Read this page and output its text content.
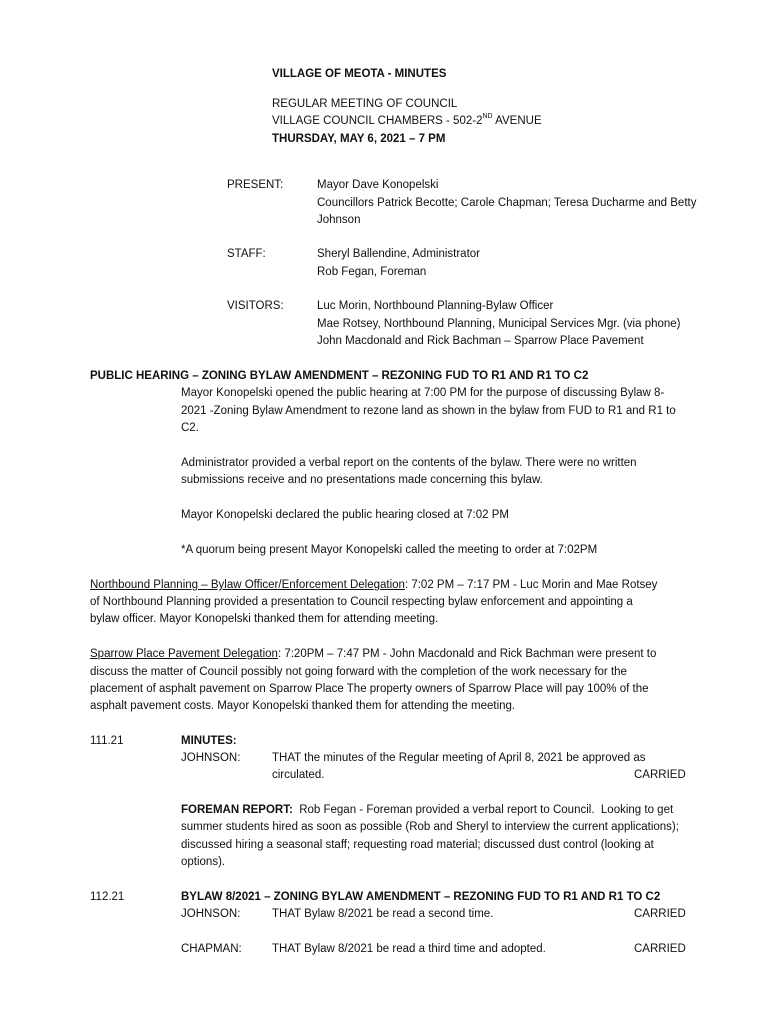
VILLAGE OF MEOTA - MINUTES
REGULAR MEETING OF COUNCIL
VILLAGE COUNCIL CHAMBERS - 502-2ND AVENUE
THURSDAY, MAY 6, 2021 – 7 PM
PRESENT:	Mayor Dave Konopelski
Councillors Patrick Becotte; Carole Chapman; Teresa Ducharme and Betty
Johnson
STAFF:	Sheryl Ballendine, Administrator
Rob Fegan, Foreman
VISITORS:	Luc Morin, Northbound Planning-Bylaw Officer
Mae Rotsey, Northbound Planning, Municipal Services Mgr. (via phone)
John Macdonald and Rick Bachman – Sparrow Place Pavement
PUBLIC HEARING – ZONING BYLAW AMENDMENT – REZONING FUD TO R1 AND R1 TO C2
Mayor Konopelski opened the public hearing at 7:00 PM for the purpose of discussing Bylaw 8-
2021 -Zoning Bylaw Amendment to rezone land as shown in the bylaw from FUD to R1 and R1 to
C2.
Administrator provided a verbal report on the contents of the bylaw. There were no written
submissions receive and no presentations made concerning this bylaw.
Mayor Konopelski declared the public hearing closed at 7:02 PM
*A quorum being present Mayor Konopelski called the meeting to order at 7:02PM
Northbound Planning – Bylaw Officer/Enforcement Delegation: 7:02 PM – 7:17 PM - Luc Morin and Mae Rotsey
of Northbound Planning provided a presentation to Council respecting bylaw enforcement and appointing a
bylaw officer. Mayor Konopelski thanked them for attending meeting.
Sparrow Place Pavement Delegation: 7:20PM – 7:47 PM - John Macdonald and Rick Bachman were present to
discuss the matter of Council possibly not going forward with the completion of the work necessary for the
placement of asphalt pavement on Sparrow Place The property owners of Sparrow Place will pay 100% of the
asphalt pavement costs. Mayor Konopelski thanked them for attending the meeting.
111.21	MINUTES:
JOHNSON:	THAT the minutes of the Regular meeting of April 8, 2021 be approved as
circulated.	CARRIED
FOREMAN REPORT:  Rob Fegan - Foreman provided a verbal report to Council.  Looking to get
summer students hired as soon as possible (Rob and Sheryl to interview the current applications);
discussed hiring a seasonal staff; requesting road material; discussed dust control (looking at
options).
112.21	BYLAW 8/2021 – ZONING BYLAW AMENDMENT – REZONING FUD TO R1 AND R1 TO C2
JOHNSON:	THAT Bylaw 8/2021 be read a second time.	CARRIED
CHAPMAN:	THAT Bylaw 8/2021 be read a third time and adopted.	CARRIED
